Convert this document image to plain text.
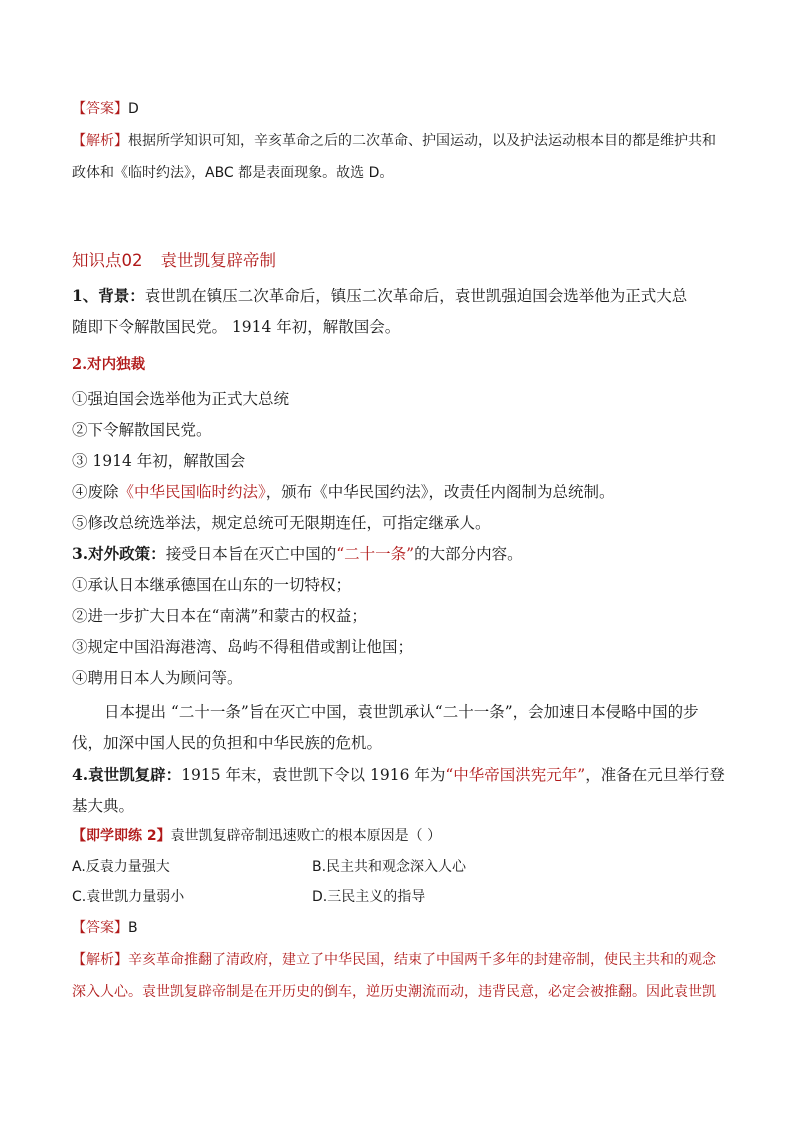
【答案】D
【解析】根据所学知识可知，辛亥革命之后的二次革命、护国运动，以及护法运动根本目的都是维护共和
政体和《临时约法》，ABC 都是表面现象。故选 D。
知识点02 袁世凯复辟帝制
1、背景：袁世凯在镇压二次革命后，镇压二次革命后，袁世凯强迫国会选举他为正式大总
随即下令解散国民党。 1914 年初，解散国会。
2.对内独裁
①强迫国会选举他为正式大总统
②下令解散国民党。
③ 1914 年初，解散国会
④废除《中华民国临时约法》，颁布《中华民国约法》，改责任内阁制为总统制。
⑤修改总统选举法，规定总统可无限期连任，可指定继承人。
3.对外政策：接受日本旨在灭亡中国的“二十一条”的大部分内容。
①承认日本继承德国在山东的一切特权；
②进一步扩大日本在“南满”和蒙古的权益；
③规定中国沿海港湾、岛屿不得租借或割让他国；
④聘用日本人为顾问等。
日本提出 “二十一条”旨在灭亡中国，袁世凯承认“二十一条”，会加速日本侵略中国的步
伐，加深中国人民的负担和中华民族的危机。
4.袁世凯复辟：1915 年末，袁世凯下令以 1916 年为“中华帝国洪宪元年”，准备在元旦举行登
基大典。
【即学即练 2】袁世凯复辟帝制迅速败亡的根本原因是（ ）
A.反袁力量强大	B.民主共和观念深入人心
C.袁世凯力量弱小	D.三民主义的指导
【答案】B
【解析】辛亥革命推翻了清政府，建立了中华民国，结束了中国两千多年的封建帝制，使民主共和的观念
深入人心。袁世凯复辟帝制是在开历史的倒车，逆历史潮流而动，违背民意，必定会被推翻。因此袁世凯
